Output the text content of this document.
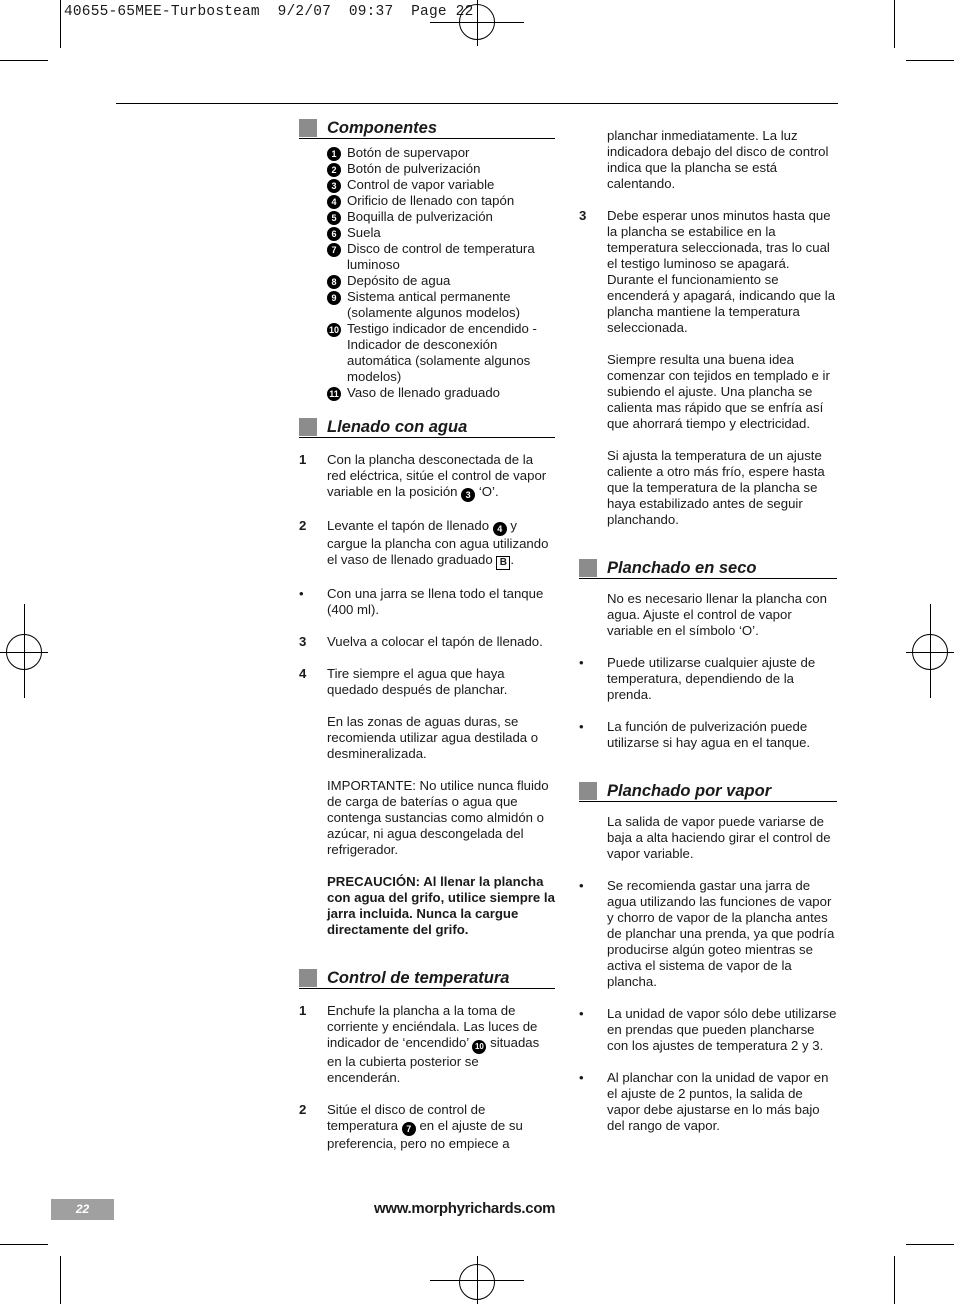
40655-65MEE-Turbosteam  9/2/07  09:37  Page 22
Componentes
1 Botón de supervapor
2 Botón de pulverización
3 Control de vapor variable
4 Orificio de llenado con tapón
5 Boquilla de pulverización
6 Suela
7 Disco de control de temperatura luminoso
8 Depósito de agua
9 Sistema antical permanente (solamente algunos modelos)
10 Testigo indicador de encendido - Indicador de desconexión automática (solamente algunos modelos)
11 Vaso de llenado graduado
Llenado con agua
1 Con la plancha desconectada de la red eléctrica, sitúe el control de vapor variable en la posición 3 ‘O’.
2 Levante el tapón de llenado 4 y cargue la plancha con agua utilizando el vaso de llenado graduado B .
• Con una jarra se llena todo el tanque (400 ml).
3 Vuelva a colocar el tapón de llenado.
4 Tire siempre el agua que haya quedado después de planchar.
En las zonas de aguas duras, se recomienda utilizar agua destilada o desmineralizada.
IMPORTANTE: No utilice nunca fluido de carga de baterías o agua que contenga sustancias como almidón o azúcar, ni agua descongelada del refrigerador.
PRECAUCIÓN: Al llenar la plancha con agua del grifo, utilice siempre la jarra incluida. Nunca la cargue directamente del grifo.
Control de temperatura
1 Enchufe la plancha a la toma de corriente y enciéndala. Las luces de indicador de ‘encendido’ 10 situadas en la cubierta posterior se encenderán.
2 Sitúe el disco de control de temperatura 7 en el ajuste de su preferencia, pero no empiece a
planchar inmediatamente. La luz indicadora debajo del disco de control indica que la plancha se está calentando.
3 Debe esperar unos minutos hasta que la plancha se estabilice en la temperatura seleccionada, tras lo cual el testigo luminoso se apagará. Durante el funcionamiento se encenderá y apagará, indicando que la plancha mantiene la temperatura seleccionada.
Siempre resulta una buena idea comenzar con tejidos en templado e ir subiendo el ajuste. Una plancha se calienta mas rápido que se enfría así que ahorrará tiempo y electricidad.
Si ajusta la temperatura de un ajuste caliente a otro más frío, espere hasta que la temperatura de la plancha se haya estabilizado antes de seguir planchando.
Planchado en seco
No es necesario llenar la plancha con agua. Ajuste el control de vapor variable en el símbolo ‘O’.
• Puede utilizarse cualquier ajuste de temperatura, dependiendo de la prenda.
• La función de pulverización puede utilizarse si hay agua en el tanque.
Planchado por vapor
La salida de vapor puede variarse de baja a alta haciendo girar el control de vapor variable.
• Se recomienda gastar una jarra de agua utilizando las funciones de vapor y chorro de vapor de la plancha antes de planchar una prenda, ya que podría producirse algún goteo mientras se activa el sistema de vapor de la plancha.
• La unidad de vapor sólo debe utilizarse en prendas que pueden plancharse con los ajustes de temperatura 2 y 3.
• Al planchar con la unidad de vapor en el ajuste de 2 puntos, la salida de vapor debe ajustarse en lo más bajo del rango de vapor.
22	www.morphyrichards.com
